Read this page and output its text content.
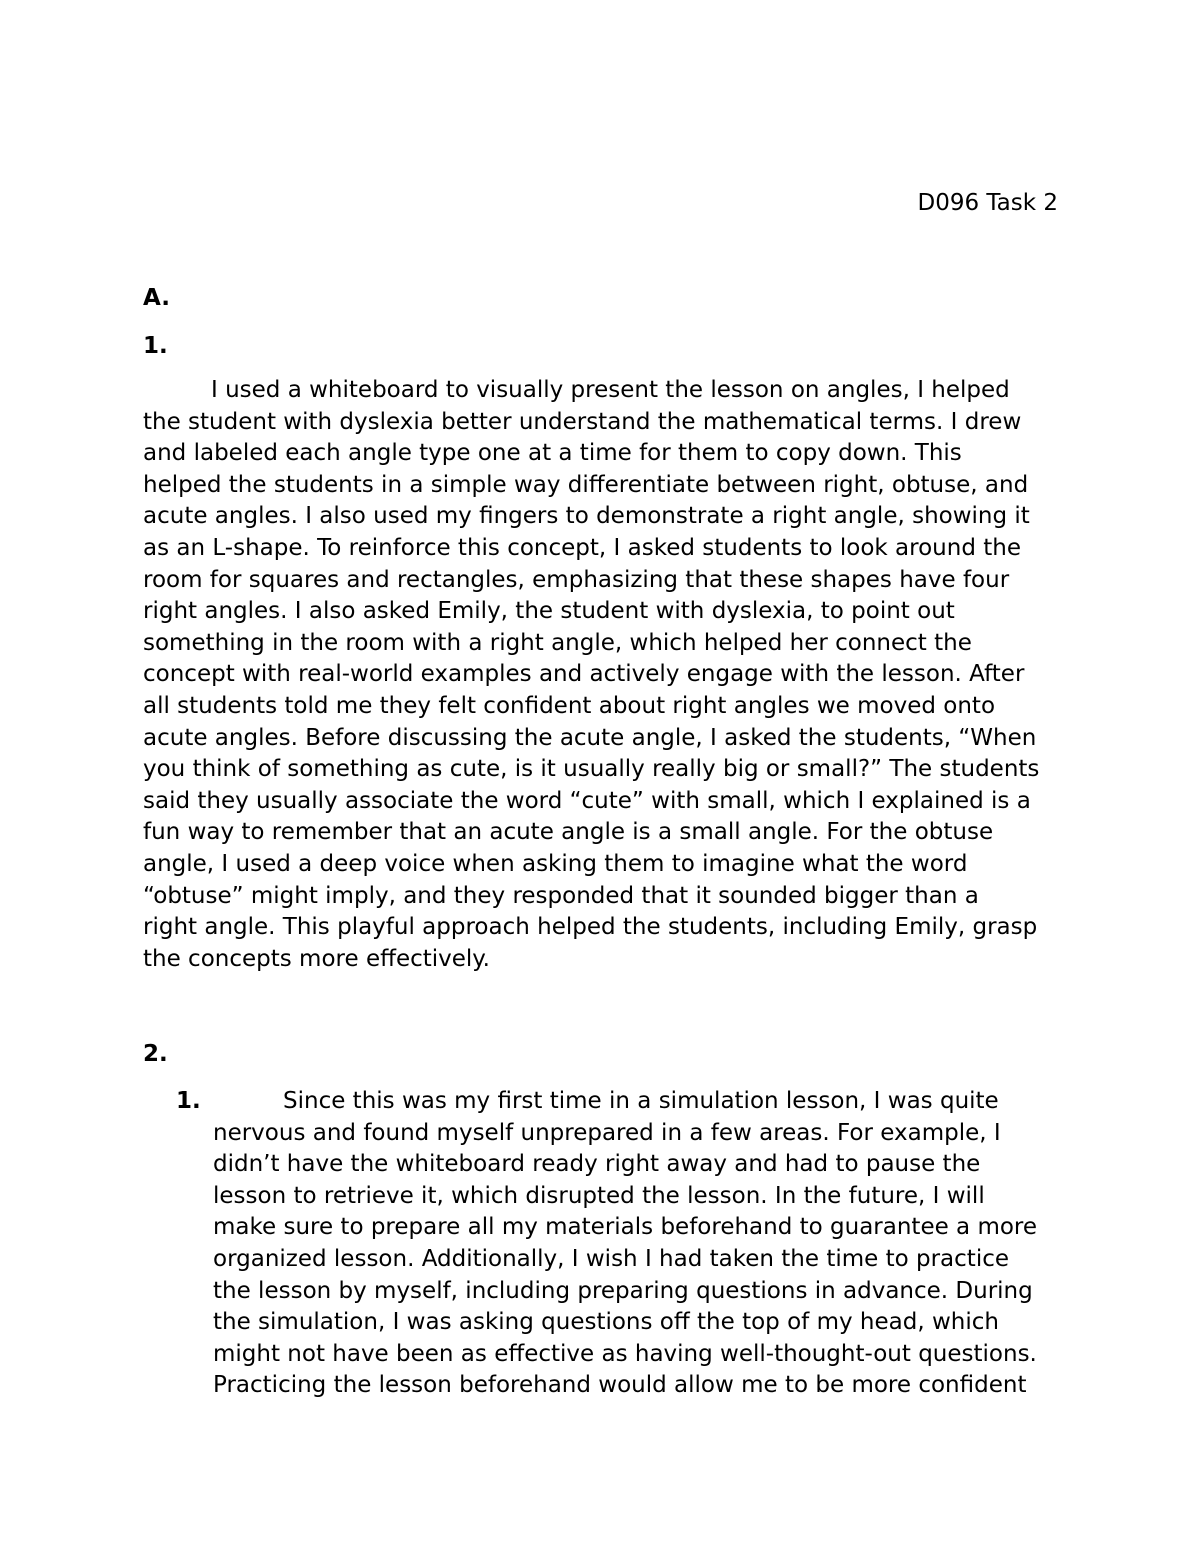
D096 Task 2
A.
1.
I used a whiteboard to visually present the lesson on angles, I helped
the student with dyslexia better understand the mathematical terms. I drew
and labeled each angle type one at a time for them to copy down. This
helped the students in a simple way differentiate between right, obtuse, and
acute angles. I also used my fingers to demonstrate a right angle, showing it
as an L-shape. To reinforce this concept, I asked students to look around the
room for squares and rectangles, emphasizing that these shapes have four
right angles. I also asked Emily, the student with dyslexia, to point out
something in the room with a right angle, which helped her connect the
concept with real-world examples and actively engage with the lesson. After
all students told me they felt confident about right angles we moved onto
acute angles. Before discussing the acute angle, I asked the students, “When
you think of something as cute, is it usually really big or small?” The students
said they usually associate the word “cute” with small, which I explained is a
fun way to remember that an acute angle is a small angle. For the obtuse
angle, I used a deep voice when asking them to imagine what the word
“obtuse” might imply, and they responded that it sounded bigger than a
right angle. This playful approach helped the students, including Emily, grasp
the concepts more effectively.
2.
1.	Since this was my first time in a simulation lesson, I was quite
nervous and found myself unprepared in a few areas. For example, I
didn’t have the whiteboard ready right away and had to pause the
lesson to retrieve it, which disrupted the lesson. In the future, I will
make sure to prepare all my materials beforehand to guarantee a more
organized lesson. Additionally, I wish I had taken the time to practice
the lesson by myself, including preparing questions in advance. During
the simulation, I was asking questions off the top of my head, which
might not have been as effective as having well-thought-out questions.
Practicing the lesson beforehand would allow me to be more confident
